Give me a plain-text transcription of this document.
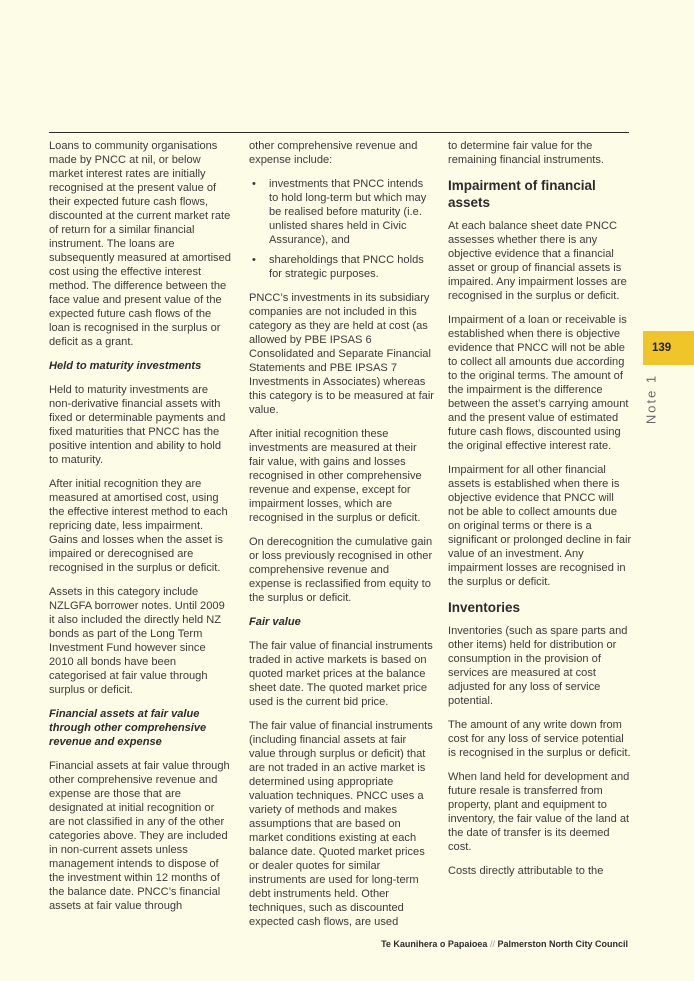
Loans to community organisations made by PNCC at nil, or below market interest rates are initially recognised at the present value of their expected future cash flows, discounted at the current market rate of return for a similar financial instrument. The loans are subsequently measured at amortised cost using the effective interest method. The difference between the face value and present value of the expected future cash flows of the loan is recognised in the surplus or deficit as a grant.

Held to maturity investments

Held to maturity investments are non-derivative financial assets with fixed or determinable payments and fixed maturities that PNCC has the positive intention and ability to hold to maturity.

After initial recognition they are measured at amortised cost, using the effective interest method to each repricing date, less impairment. Gains and losses when the asset is impaired or derecognised are recognised in the surplus or deficit.

Assets in this category include NZLGFA borrower notes. Until 2009 it also included the directly held NZ bonds as part of the Long Term Investment Fund however since 2010 all bonds have been categorised at fair value through surplus or deficit.

Financial assets at fair value through other comprehensive revenue and expense

Financial assets at fair value through other comprehensive revenue and expense are those that are designated at initial recognition or are not classified in any of the other categories above. They are included in non-current assets unless management intends to dispose of the investment within 12 months of the balance date. PNCC’s financial assets at fair value through

other comprehensive revenue and expense include:

• investments that PNCC intends to hold long-term but which may be realised before maturity (i.e. unlisted shares held in Civic Assurance), and
• shareholdings that PNCC holds for strategic purposes.

PNCC’s investments in its subsidiary companies are not included in this category as they are held at cost (as allowed by PBE IPSAS 6 Consolidated and Separate Financial Statements and PBE IPSAS 7 Investments in Associates) whereas this category is to be measured at fair value.

After initial recognition these investments are measured at their fair value, with gains and losses recognised in other comprehensive revenue and expense, except for impairment losses, which are recognised in the surplus or deficit.

On derecognition the cumulative gain or loss previously recognised in other comprehensive revenue and expense is reclassified from equity to the surplus or deficit.

Fair value

The fair value of financial instruments traded in active markets is based on quoted market prices at the balance sheet date. The quoted market price used is the current bid price.

The fair value of financial instruments (including financial assets at fair value through surplus or deficit) that are not traded in an active market is determined using appropriate valuation techniques. PNCC uses a variety of methods and makes assumptions that are based on market conditions existing at each balance date. Quoted market prices or dealer quotes for similar instruments are used for long-term debt instruments held. Other techniques, such as discounted expected cash flows, are used

to determine fair value for the remaining financial instruments.

Impairment of financial assets

At each balance sheet date PNCC assesses whether there is any objective evidence that a financial asset or group of financial assets is impaired. Any impairment losses are recognised in the surplus or deficit.

Impairment of a loan or receivable is established when there is objective evidence that PNCC will not be able to collect all amounts due according to the original terms. The amount of the impairment is the difference between the asset’s carrying amount and the present value of estimated future cash flows, discounted using the original effective interest rate.

Impairment for all other financial assets is established when there is objective evidence that PNCC will not be able to collect amounts due on original terms or there is a significant or prolonged decline in fair value of an investment. Any impairment losses are recognised in the surplus or deficit.

Inventories

Inventories (such as spare parts and other items) held for distribution or consumption in the provision of services are measured at cost adjusted for any loss of service potential.

The amount of any write down from cost for any loss of service potential is recognised in the surplus or deficit.

When land held for development and future resale is transferred from property, plant and equipment to inventory, the fair value of the land at the date of transfer is its deemed cost.

Costs directly attributable to the

139
Note 1
Te Kaunihera o Papaioea // Palmerston North City Council
